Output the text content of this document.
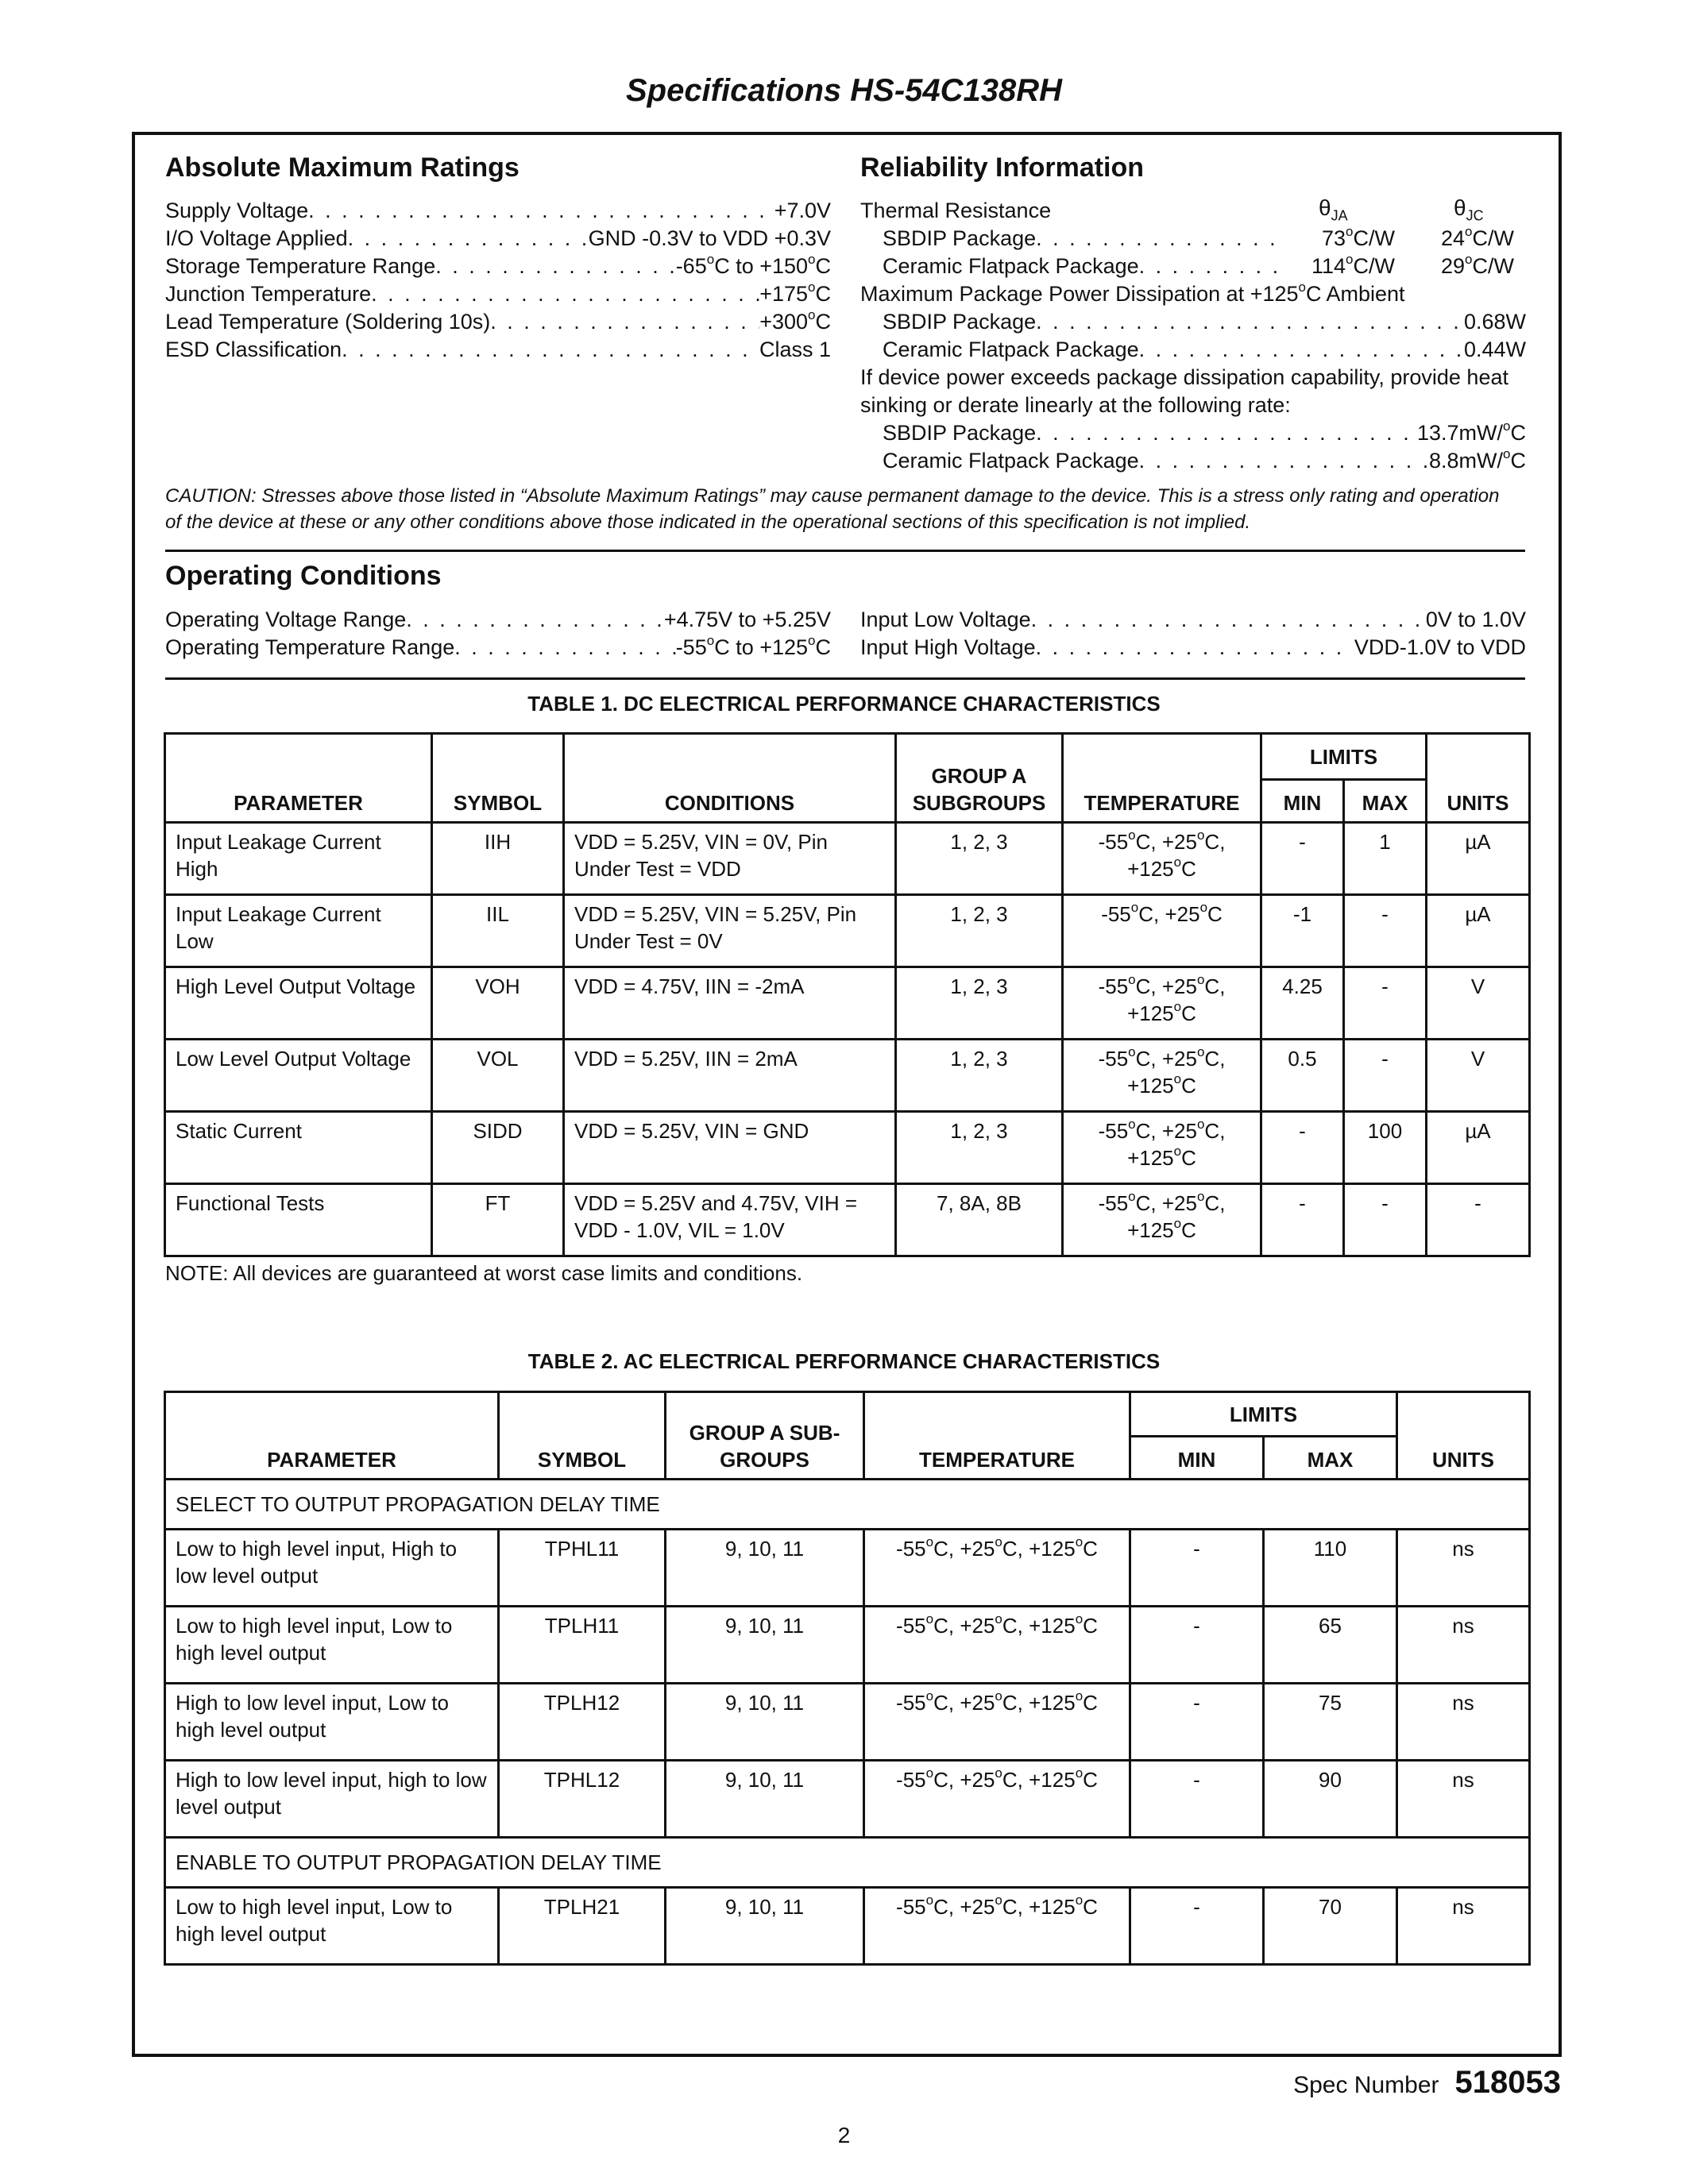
Specifications HS-54C138RH
Absolute Maximum Ratings
Supply Voltage . . .	+7.0V
I/O Voltage Applied . . .	GND -0.3V to VDD +0.3V
Storage Temperature Range . . .	-65$^o$C to $+150^oC$
Junction Temperature . . .	$+175^oC$
Lead Temperature (Soldering 10s) . . .	$+300^oC$
ESD Classification . . .	Class 1
Reliability Information
Thermal Resistance	$\theta_{JA}$	$\theta_{JC}$
SBDIP Package . . .	73$^o$C/W	24$^o$C/W
Ceramic Flatpack Package . . .	114$^o$C/W	29$^o$C/W
Maximum Package Power Dissipation at $+125^oC$ Ambient
SBDIP Package . . .	0.68W
Ceramic Flatpack Package . . .	0.44W
If device power exceeds package dissipation capability, provide heat
sinking or derate linearly at the following rate:
SBDIP Package . . .	13.7mW/$^o$C
Ceramic Flatpack Package . . .	8.8mW/$^o$C
CAUTION: Stresses above those listed in “Absolute Maximum Ratings” may cause permanent damage to the device. This is a stress only rating and operation
of the device at these or any other conditions above those indicated in the operational sections of this specification is not implied.
Operating Conditions
Operating Voltage Range . . .	+4.75V to +5.25V
Operating Temperature Range . . .	-55$^o$C to $+125^oC$
Input Low Voltage . . .	0V to 1.0V
Input High Voltage . . .	VDD-1.0V to VDD
TABLE 1. DC ELECTRICAL PERFORMANCE CHARACTERISTICS
PARAMETER	SYMBOL	CONDITIONS	GROUP A SUBGROUPS	TEMPERATURE	LIMITS		UNITS
					MIN	MAX	
Input Leakage Current High	IIH	VDD = 5.25V, VIN = 0V, Pin Under Test = VDD	1, 2, 3	$-55^oC$, $+25^oC$, $+125^oC$	-	1	µA
Input Leakage Current Low	IIL	VDD = 5.25V, VIN = 5.25V, Pin Under Test = 0V	1, 2, 3	$-55^oC$, $+25^oC$	-1	-	µA
High Level Output Voltage	VOH	VDD = 4.75V, IIN = -2mA	1, 2, 3	$-55^oC$, $+25^oC$, $+125^oC$	4.25	-	V
Low Level Output Voltage	VOL	VDD = 5.25V, IIN = 2mA	1, 2, 3	$-55^oC$, $+25^oC$, $+125^oC$	0.5	-	V
Static Current	SIDD	VDD = 5.25V, VIN = GND	1, 2, 3	$-55^oC$, $+25^oC$, $+125^oC$	-	100	µA
Functional Tests	FT	VDD = 5.25V and 4.75V, VIH = VDD - 1.0V, VIL = 1.0V	7, 8A, 8B	$-55^oC$, $+25^oC$, $+125^oC$	-	-	-
NOTE: All devices are guaranteed at worst case limits and conditions.
TABLE 2. AC ELECTRICAL PERFORMANCE CHARACTERISTICS
PARAMETER	SYMBOL	GROUP A SUB- GROUPS	TEMPERATURE	LIMITS		UNITS
				MIN	MAX	
SELECT TO OUTPUT PROPAGATION DELAY TIME						
Low to high level input, High to low level output	TPHL11	9, 10, 11	$-55^oC$, $+25^oC$, $+125^oC$	-	110	ns
Low to high level input, Low to high level output	TPLH11	9, 10, 11	$-55^oC$, $+25^oC$, $+125^oC$	-	65	ns
High to low level input, Low to high level output	TPLH12	9, 10, 11	$-55^oC$, $+25^oC$, $+125^oC$	-	75	ns
High to low level input, high to low level output	TPHL12	9, 10, 11	$-55^oC$, $+25^oC$, $+125^oC$	-	90	ns
ENABLE TO OUTPUT PROPAGATION DELAY TIME						
Low to high level input, Low to high level output	TPLH21	9, 10, 11	$-55^oC$, $+25^oC$, $+125^oC$	-	70	ns
Spec Number 518053
2
